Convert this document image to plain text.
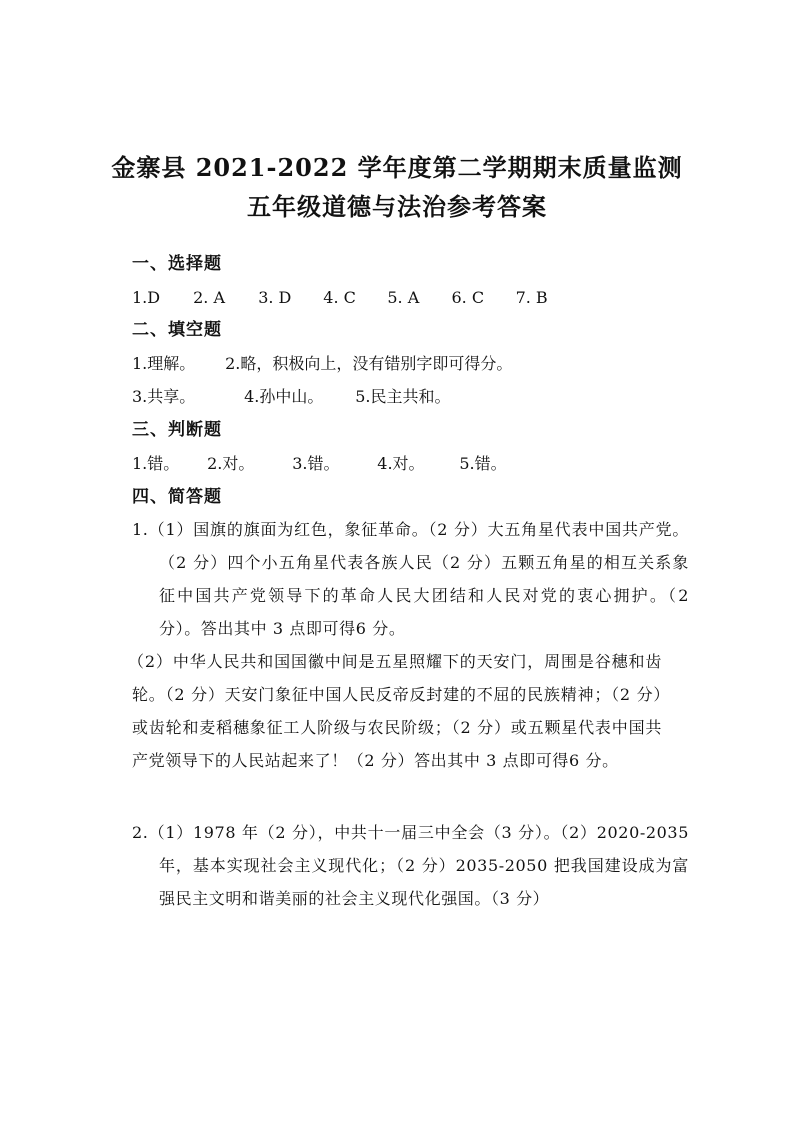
金寨县 2021-2022 学年度第二学期期末质量监测
五年级道德与法治参考答案
一、选择题
1.D 2. A 3. D 4. C 5. A 6. C 7. B
二、填空题
1.理解。 2.略，积极向上，没有错别字即可得分。
3.共享。	4.孙中山。 5.民主共和。
三、判断题
1.错。 2.对。 3.错。 4.对。 5.错。
四、简答题
1.（1）国旗的旗面为红色，象征革命。（2 分）大五角星代表中国共产党。（2 分）四个小五角星代表各族人民（2 分）五颗五角星的相互关系象征中国共产党领导下的革命人民大团结和人民对党的衷心拥护。（2 分）。答出其中 3 点即可得6 分。
（2）中华人民共和国国徽中间是五星照耀下的天安门，周围是谷穗和齿轮。（2 分）天安门象征中国人民反帝反封建的不屈的民族精神；（2 分）或齿轮和麦稻穗象征工人阶级与农民阶级；（2 分）或五颗星代表中国共产党领导下的人民站起来了！（2 分）答出其中 3 点即可得6 分。
2.（1）1978 年（2 分），中共十一届三中全会（3 分）。（2）2020-2035 年，基本实现社会主义现代化；（2 分）2035-2050 把我国建设成为富强民主文明和谐美丽的社会主义现代化强国。（3 分）
